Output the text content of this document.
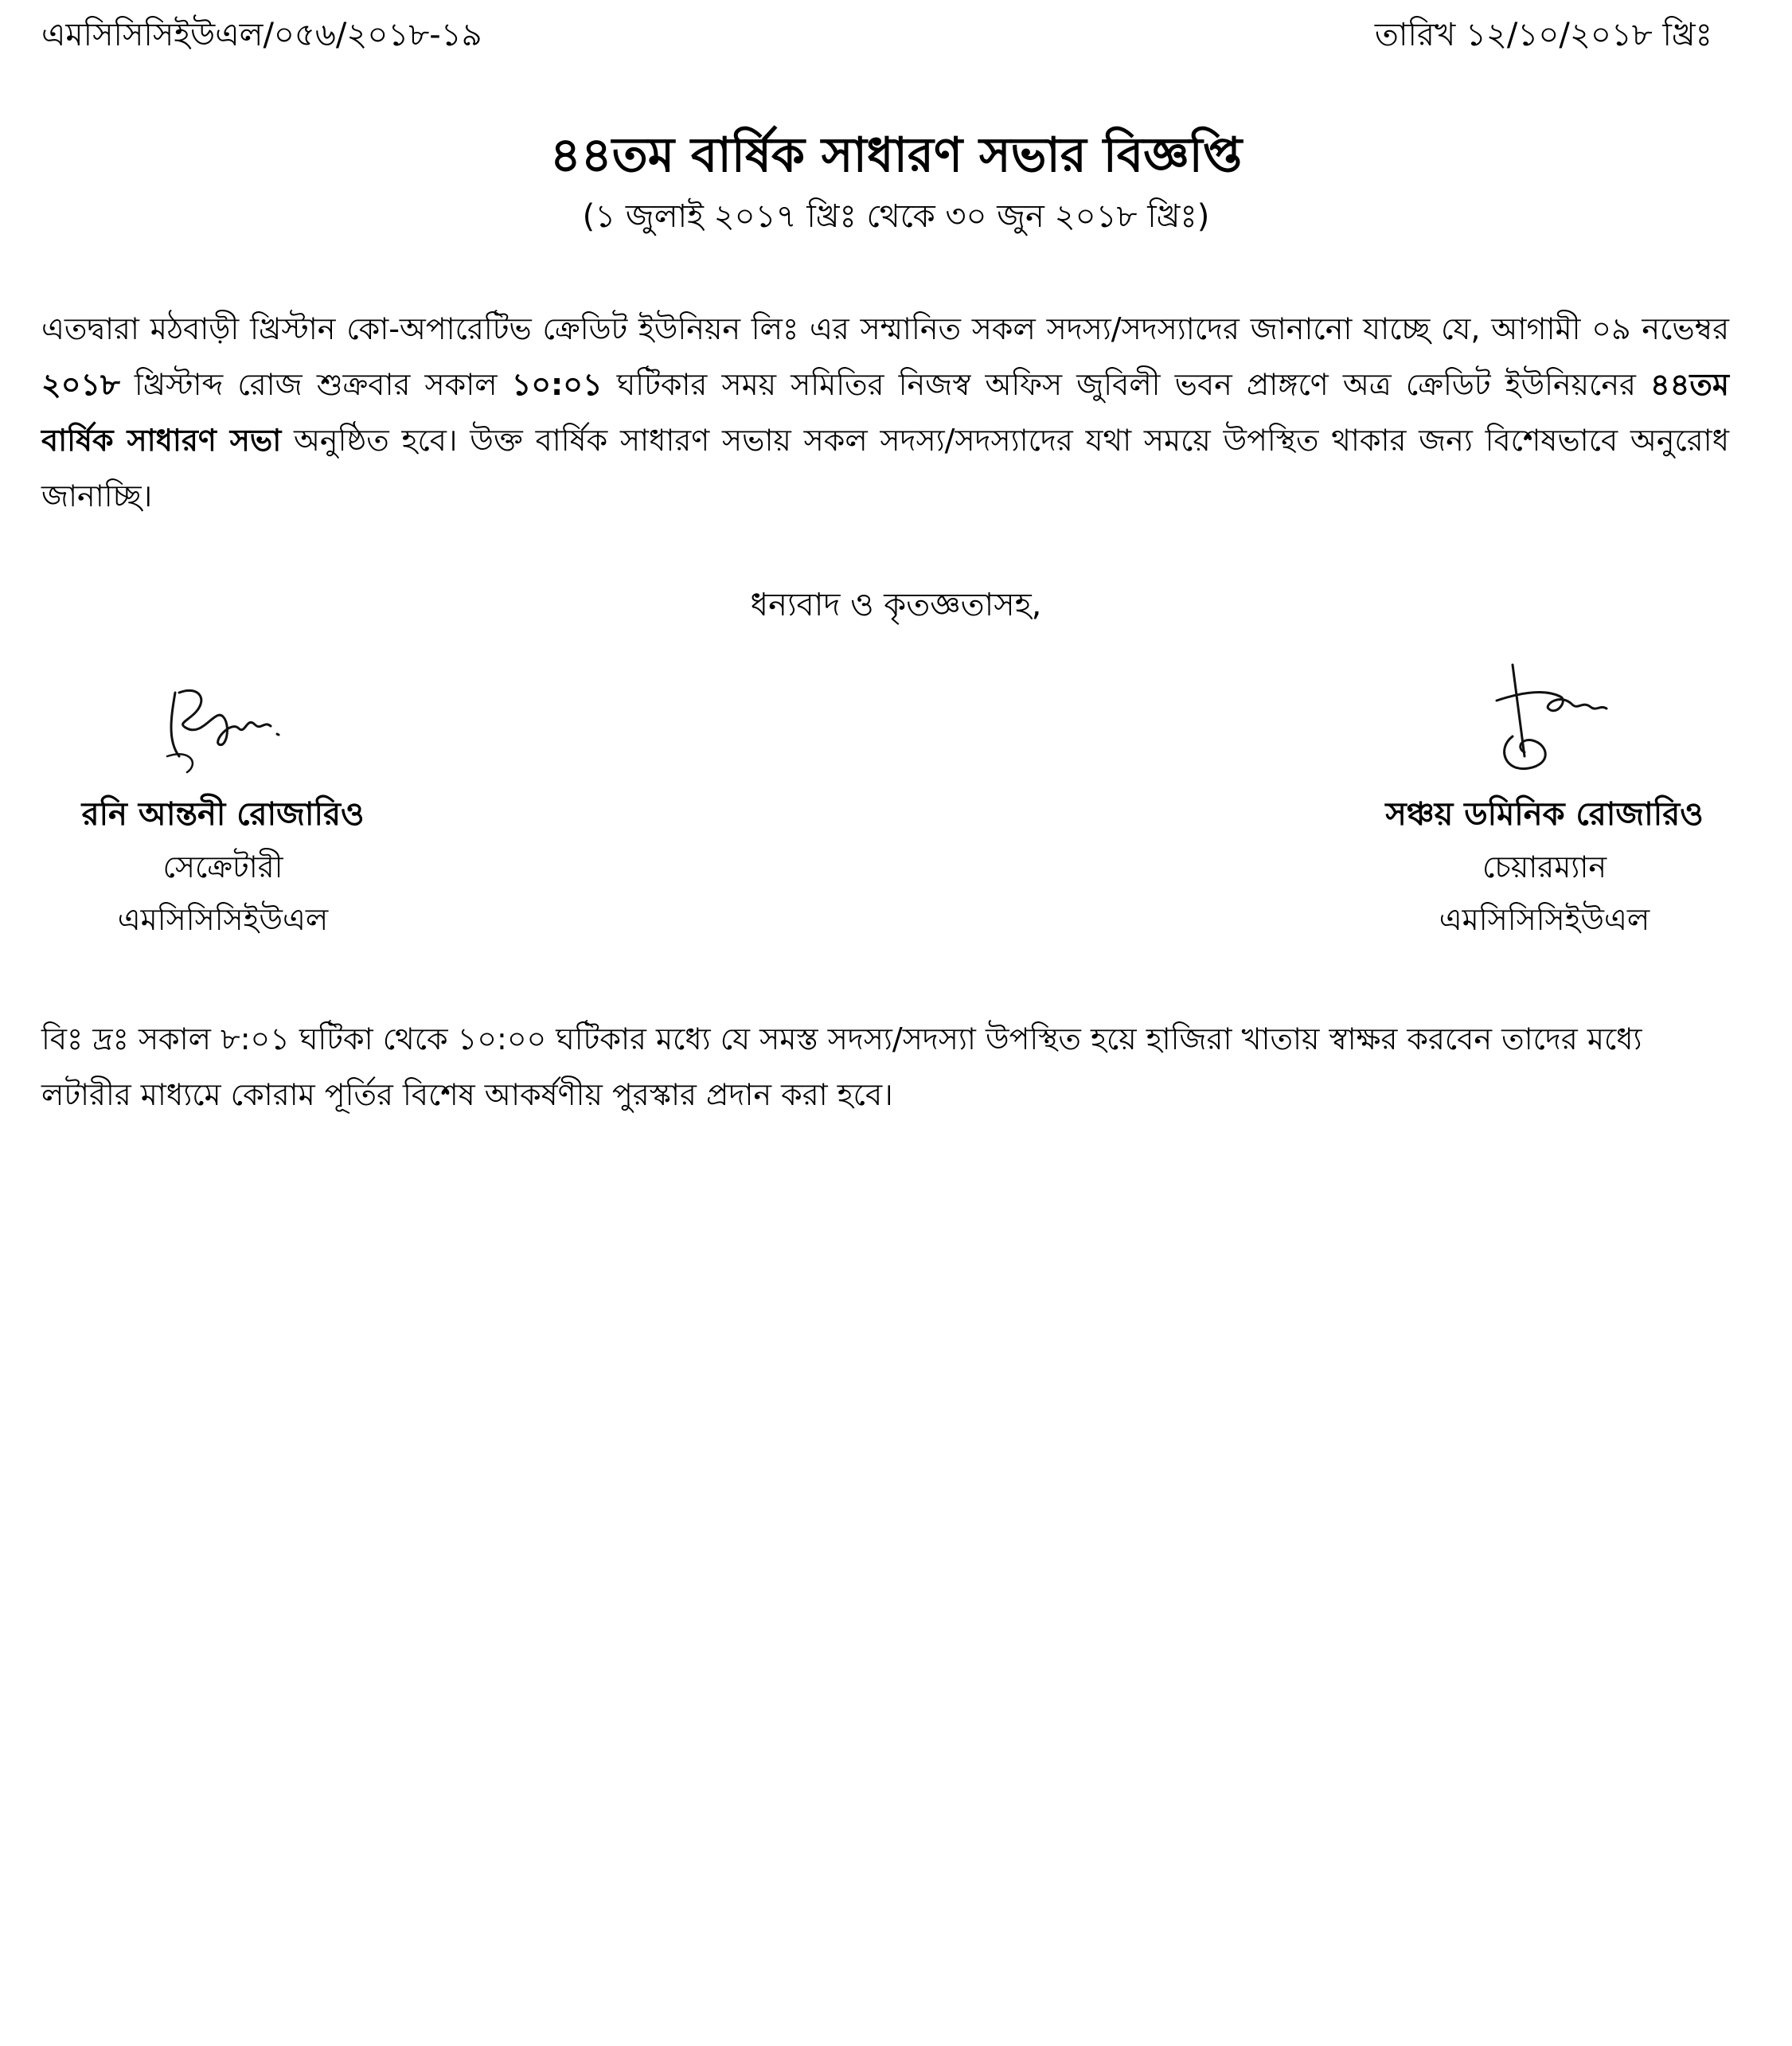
এমসিসিসিইউএল/০৫৬/২০১৮-১৯	তারিখ ১২/১০/২০১৮ খ্রিঃ
৪৪তম বার্ষিক সাধারণ সভার বিজ্ঞপ্তি
(১ জুলাই ২০১৭ খ্রিঃ থেকে ৩০ জুন ২০১৮ খ্রিঃ)
এতদ্বারা মঠবাড়ী খ্রিস্টান কো-অপারেটিভ ক্রেডিট ইউনিয়ন লিঃ এর সম্মানিত সকল সদস্য/সদস্যাদের জানানো যাচ্ছে যে, আগামী ০৯ নভেম্বর ২০১৮ খ্রিস্টাব্দ রোজ শুক্রবার সকাল ১০:০১ ঘটিকার সময় সমিতির নিজস্ব অফিস জুবিলী ভবন প্রাঙ্গণে অত্র ক্রেডিট ইউনিয়নের ৪৪তম বার্ষিক সাধারণ সভা অনুষ্ঠিত হবে। উক্ত বার্ষিক সাধারণ সভায় সকল সদস্য/সদস্যাদের যথা সময়ে উপস্থিত থাকার জন্য বিশেষভাবে অনুরোধ জানাচ্ছি।
ধন্যবাদ ও কৃতজ্ঞতাসহ,
রনি আন্তনী রোজারিও
সেক্রেটারী
এমসিসিসিইউএল
সঞ্চয় ডমিনিক রোজারিও
চেয়ারম্যান
এমসিসিসিইউএল
বিঃ দ্রঃ সকাল ৮:০১ ঘটিকা থেকে ১০:০০ ঘটিকার মধ্যে যে সমস্ত সদস্য/সদস্যা উপস্থিত হয়ে হাজিরা খাতায় স্বাক্ষর করবেন তাদের মধ্যে লটারীর মাধ্যমে কোরাম পূর্তির বিশেষ আকর্ষণীয় পুরস্কার প্রদান করা হবে।
